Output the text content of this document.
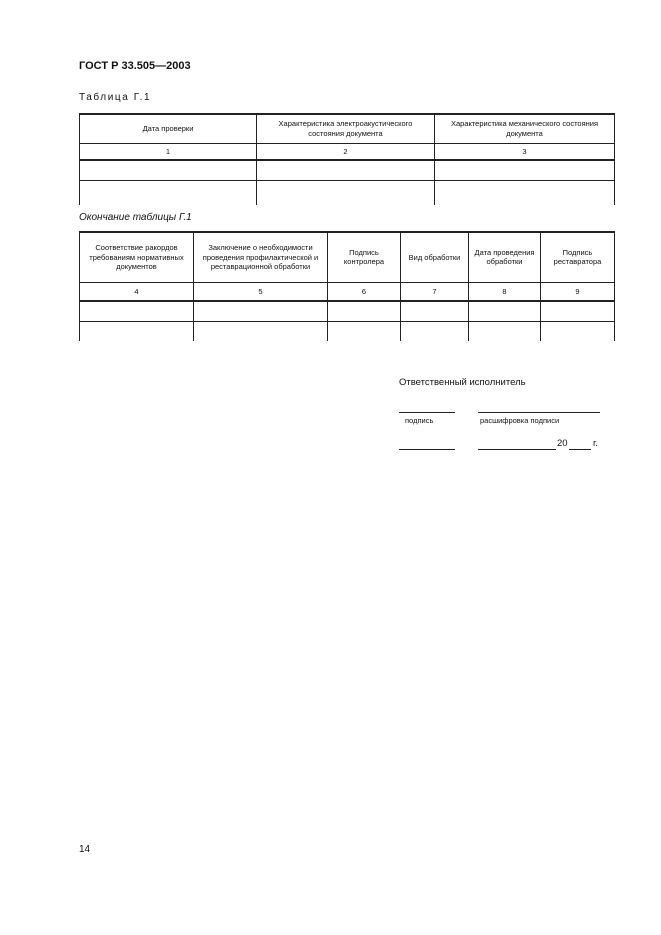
ГОСТ Р 33.505—2003
Таблица Г.1
Дата проверки	Характеристика электроакустического состояния документа	Характеристика механического состояния документа
1	2	3

Окончание таблицы Г.1
Соответствие ракордов требованиям нормативных документов	Заключение о необходимости проведения профилактической и реставрационной обработки	Подпись контролера	Вид обработки	Дата проведения обработки	Подпись реставратора
4	5	6	7	8	9

Ответственный исполнитель
подпись	расшифровка подписи
20	г.
14
